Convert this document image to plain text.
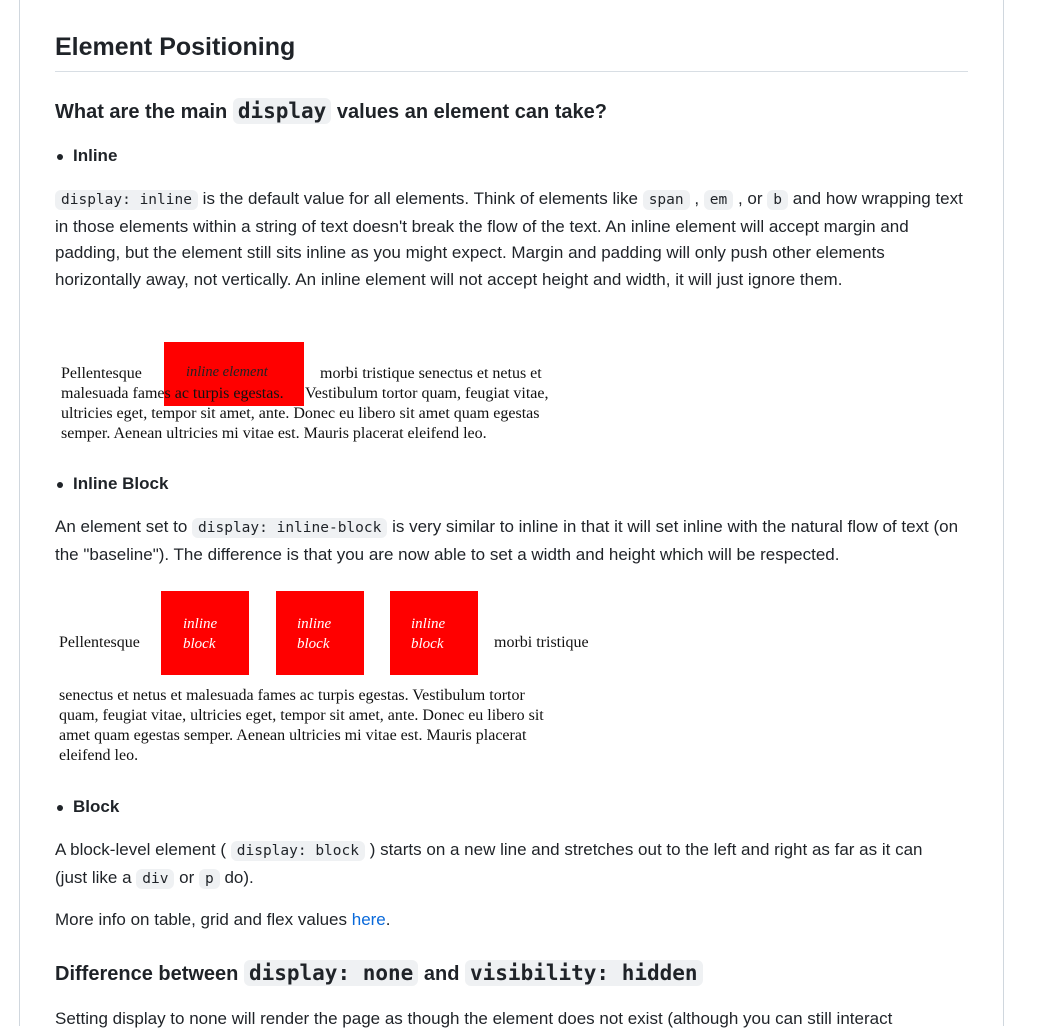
Element Positioning
What are the main display values an element can take?
Inline

display: inline is the default value for all elements. Think of elements like span , em , or b and how wrapping text in those elements within a string of text doesn't break the flow of the text. An inline element will accept margin and padding, but the element still sits inline as you might expect. Margin and padding will only push other elements horizontally away, not vertically. An inline element will not accept height and width, it will just ignore them.

Pellentesque	inline element	morbi tristique senectus et netus et
malesuada fames ac turpis egestas. Vestibulum tortor quam, feugiat vitae,
ultricies eget, tempor sit amet, ante. Donec eu libero sit amet quam egestas
semper. Aenean ultricies mi vitae est. Mauris placerat eleifend leo.
Inline Block

An element set to display: inline-block is very similar to inline in that it will set inline with the natural flow of text (on the "baseline"). The difference is that you are now able to set a width and height which will be respected.

Pellentesque
inline
block
inline
block
inline
block	morbi tristique
senectus et netus et malesuada fames ac turpis egestas. Vestibulum tortor
quam, feugiat vitae, ultricies eget, tempor sit amet, ante. Donec eu libero sit
amet quam egestas semper. Aenean ultricies mi vitae est. Mauris placerat
eleifend leo.
Block

A block-level element ( display: block ) starts on a new line and stretches out to the left and right as far as it can
(just like a div or p do).

More info on table, grid and flex values here.

Difference between display: none and visibility: hidden

Setting display to none will render the page as though the element does not exist (although you can still interact
